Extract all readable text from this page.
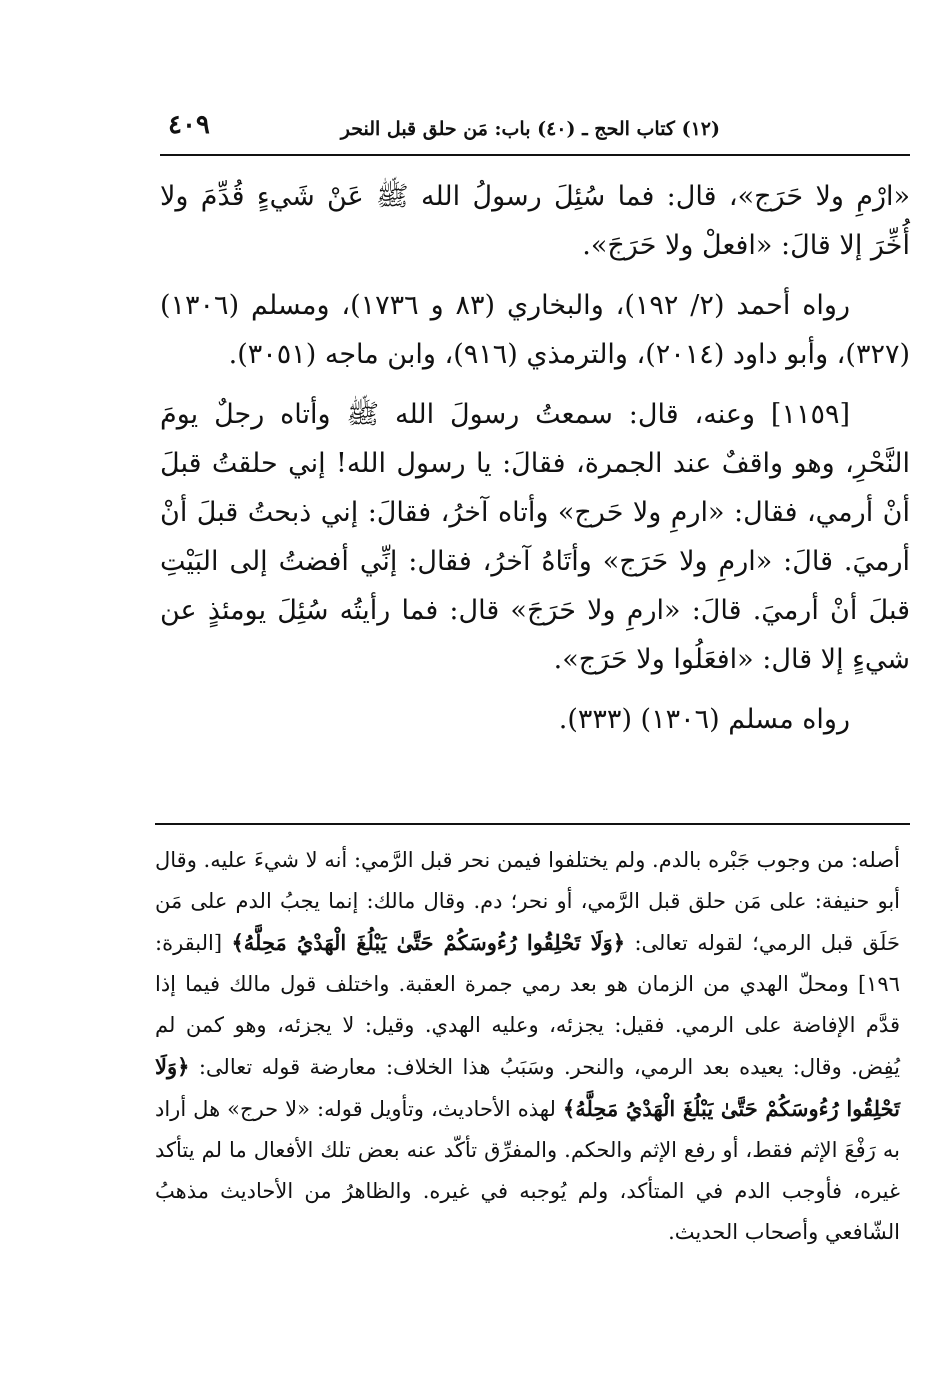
(١٢) كتاب الحج ـ (٤٠) باب: مَن حلق قبل النحر
٤٠٩

«ارْمِ ولا حَرَج»، قال: فما سُئِلَ رسولُ الله ﷺ عَنْ شَيءٍ قُدِّمَ ولا أُخِّرَ إلا قالَ: «افعلْ ولا حَرَجَ».

رواه أحمد (٢/ ١٩٢)، والبخاري (٨٣ و ١٧٣٦)، ومسلم (١٣٠٦) (٣٢٧)، وأبو داود (٢٠١٤)، والترمذي (٩١٦)، وابن ماجه (٣٠٥١).

[١١٥٩] وعنه، قال: سمعتُ رسولَ الله ﷺ وأتاه رجلٌ يومَ النَّحْرِ، وهو واقفٌ عند الجمرة، فقالَ: يا رسول الله! إني حلقتُ قبلَ أنْ أرمي، فقال: «ارمِ ولا حَرج» وأتاه آخرُ، فقالَ: إني ذبحتُ قبلَ أنْ أرميَ. قالَ: «ارمِ ولا حَرَج» وأتَاهُ آخرُ، فقال: إنِّي أفضتُ إلى البَيْتِ قبلَ أنْ أرميَ. قالَ: «ارمِ ولا حَرَجَ» قال: فما رأيتُه سُئِلَ يومئذٍ عن شيءٍ إلا قال: «افعَلُوا ولا حَرَج».

رواه مسلم (١٣٠٦) (٣٣٣).

أصله: من وجوب جَبْره بالدم. ولم يختلفوا فيمن نحر قبل الرَّمي: أنه لا شيءَ عليه. وقال أبو حنيفة: على مَن حلق قبل الرَّمي، أو نحر؛ دم. وقال مالك: إنما يجبُ الدم على مَن حَلَق قبل الرمي؛ لقوله تعالى: ﴿وَلَا تَحْلِقُوا رُءُوسَكُمْ حَتَّىٰ يَبْلُغَ الْهَدْيُ مَحِلَّهُ﴾ [البقرة: ١٩٦] ومحلّ الهدي من الزمان هو بعد رمي جمرة العقبة. واختلف قول مالك فيما إذا قدَّم الإفاضة على الرمي. فقيل: يجزئه، وعليه الهدي. وقيل: لا يجزئه، وهو كمن لم يُفِض. وقال: يعيده بعد الرمي، والنحر. وسَبَبُ هذا الخلاف: معارضة قوله تعالى: ﴿وَلَا تَحْلِقُوا رُءُوسَكُمْ حَتَّىٰ يَبْلُغَ الْهَدْيُ مَحِلَّهُ﴾ لهذه الأحاديث، وتأويل قوله: «لا حرج» هل أراد به رَفْعَ الإثم فقط، أو رفع الإثم والحكم. والمفرِّق تأكّد عنه بعض تلك الأفعال ما لم يتأكد غيره، فأوجب الدم في المتأكد، ولم يُوجبه في غيره. والظاهرُ من الأحاديث مذهبُ الشّافعي وأصحاب الحديث.
